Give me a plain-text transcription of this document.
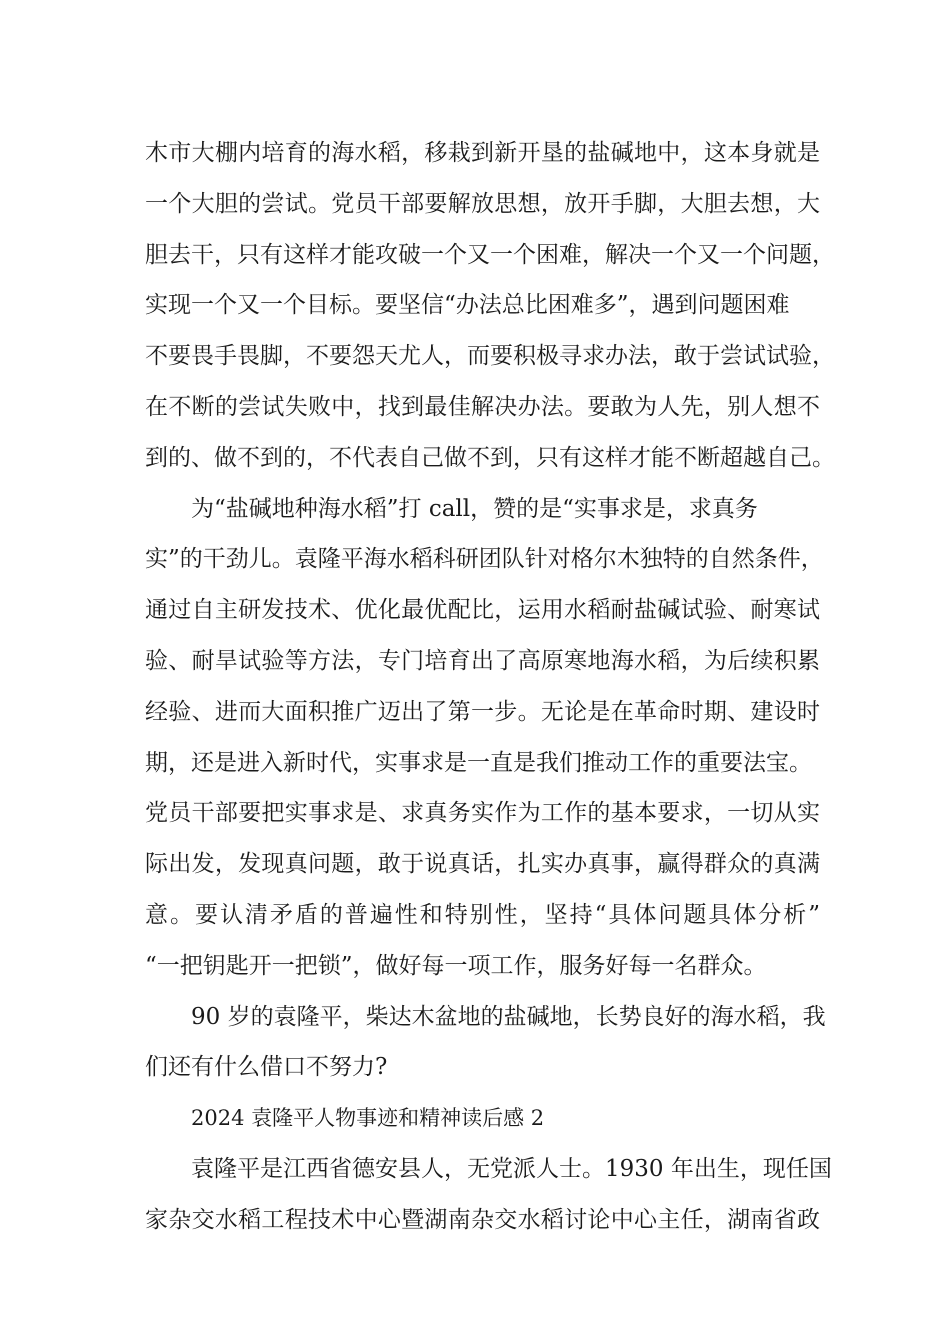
木市大棚内培育的海水稻，移栽到新开垦的盐碱地中，这本身就是
一个大胆的尝试。党员干部要解放思想，放开手脚，大胆去想，大
胆去干，只有这样才能攻破一个又一个困难，解决一个又一个问题，
实现一个又一个目标。要坚信“办法总比困难多”，遇到问题困难
不要畏手畏脚，不要怨天尤人，而要积极寻求办法，敢于尝试试验，
在不断的尝试失败中，找到最佳解决办法。要敢为人先，别人想不
到的、做不到的，不代表自己做不到，只有这样才能不断超越自己。
为“盐碱地种海水稻”打 call，赞的是“实事求是，求真务
实”的干劲儿。袁隆平海水稻科研团队针对格尔木独特的自然条件，
通过自主研发技术、优化最优配比，运用水稻耐盐碱试验、耐寒试
验、耐旱试验等方法，专门培育出了高原寒地海水稻，为后续积累
经验、进而大面积推广迈出了第一步。无论是在革命时期、建设时
期，还是进入新时代，实事求是一直是我们推动工作的重要法宝。
党员干部要把实事求是、求真务实作为工作的基本要求，一切从实
际出发，发现真问题，敢于说真话，扎实办真事，赢得群众的真满
意。要认清矛盾的普遍性和特别性，坚持“具体问题具体分析”
“一把钥匙开一把锁”，做好每一项工作，服务好每一名群众。
90 岁的袁隆平，柴达木盆地的盐碱地，长势良好的海水稻，我
们还有什么借口不努力?
2024 袁隆平人物事迹和精神读后感 2
袁隆平是江西省德安县人，无党派人士。1930 年出生，现任国
家杂交水稻工程技术中心暨湖南杂交水稻讨论中心主任，湖南省政
